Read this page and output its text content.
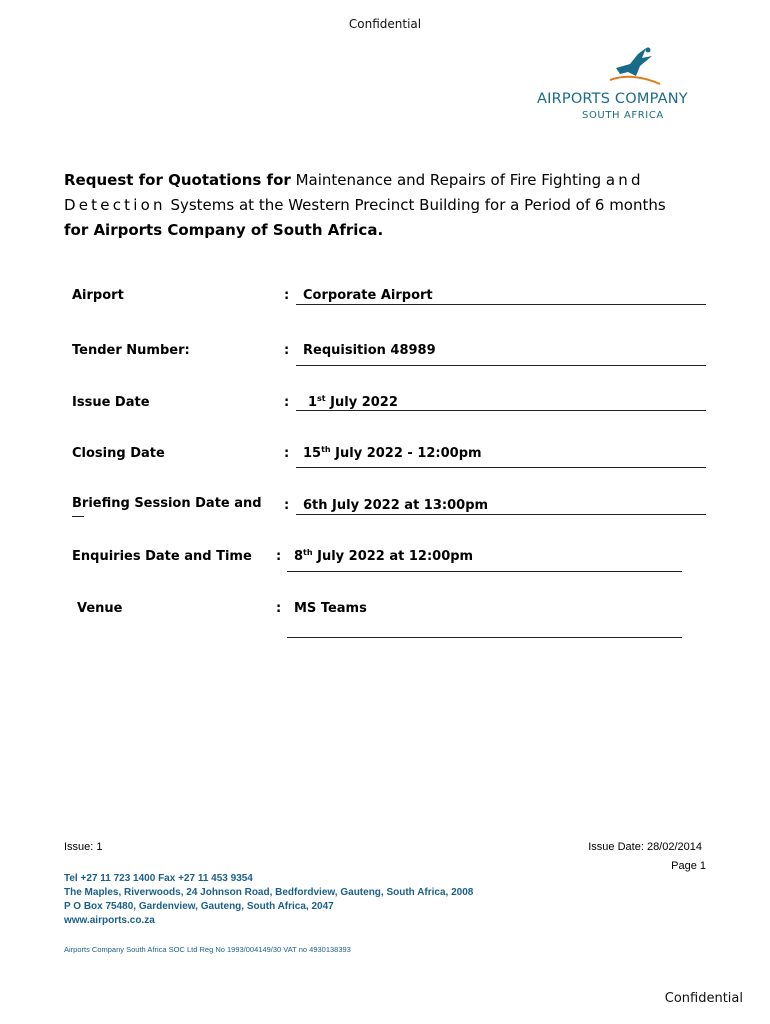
Confidential
AIRPORTS COMPANY
SOUTH AFRICA
Request for Quotations for Maintenance and Repairs of Fire Fighting and
Detection Systems at the Western Precinct Building for a Period of 6 months
for Airports Company of South Africa.
Airport	: Corporate Airport
Tender Number:	: Requisition 48989
Issue Date	: 1st July 2022
Closing Date	: 15th July 2022 - 12:00pm
Briefing Session Date and : 6th July 2022 at 13:00pm
Enquiries Date and Time : 8th July 2022 at 12:00pm
Venue	: MS Teams
Issue: 1	Issue Date: 28/02/2014
Page 1
Tel +27 11 723 1400 Fax +27 11 453 9354
The Maples, Riverwoods, 24 Johnson Road, Bedfordview, Gauteng, South Africa, 2008
P O Box 75480, Gardenview, Gauteng, South Africa, 2047
www.airports.co.za
Airports Company South Africa SOC Ltd Reg No 1993/004149/30 VAT no 4930138393
Confidential
